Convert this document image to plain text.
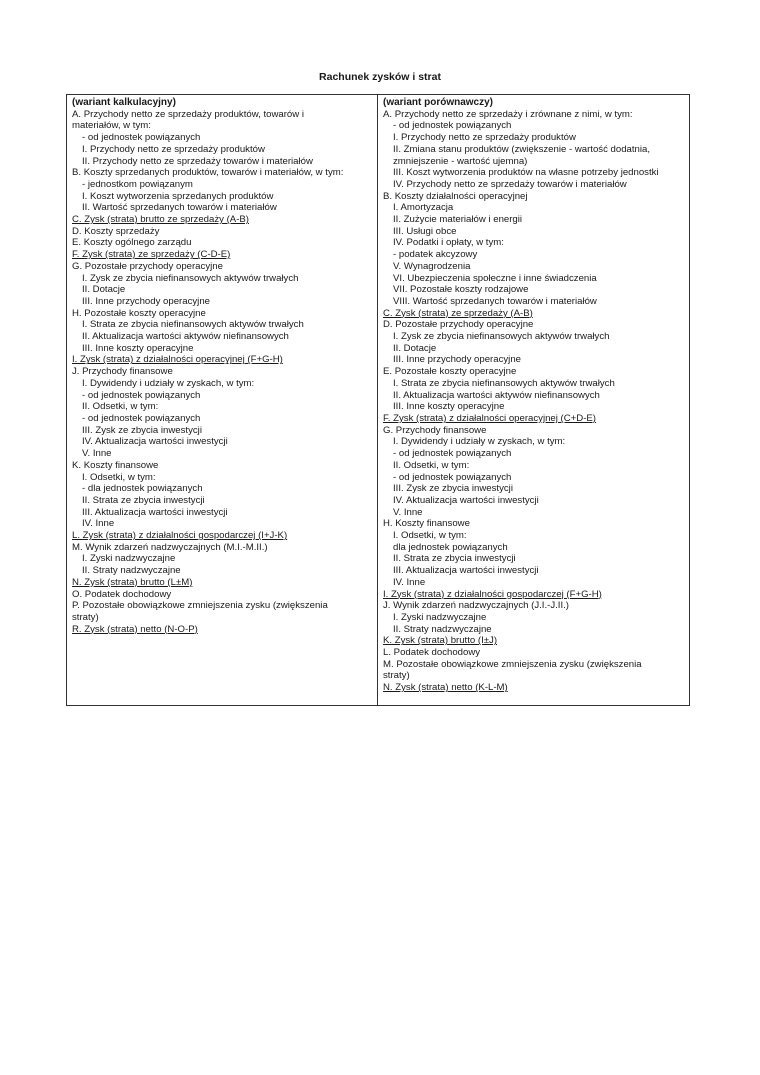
Rachunek zysków i strat
(wariant kalkulacyjny)
A. Przychody netto ze sprzedaży produktów, towarów i
materiałów, w tym:
- od jednostek powiązanych
I. Przychody netto ze sprzedaży produktów
II. Przychody netto ze sprzedaży towarów i materiałów
B. Koszty sprzedanych produktów, towarów i materiałów, w tym:
- jednostkom powiązanym
I. Koszt wytworzenia sprzedanych produktów
II. Wartość sprzedanych towarów i materiałów
C. Zysk (strata) brutto ze sprzedaży (A-B)
D. Koszty sprzedaży
E. Koszty ogólnego zarządu
F. Zysk (strata) ze sprzedaży (C-D-E)
G. Pozostałe przychody operacyjne
I. Zysk ze zbycia niefinansowych aktywów trwałych
II. Dotacje
III. Inne przychody operacyjne
H. Pozostałe koszty operacyjne
I. Strata ze zbycia niefinansowych aktywów trwałych
II. Aktualizacja wartości aktywów niefinansowych
III. Inne koszty operacyjne
I. Zysk (strata) z działalności operacyjnej (F+G-H)
J. Przychody finansowe
I. Dywidendy i udziały w zyskach, w tym:
- od jednostek powiązanych
II. Odsetki, w tym:
- od jednostek powiązanych
III. Zysk ze zbycia inwestycji
IV. Aktualizacja wartości inwestycji
V. Inne
K. Koszty finansowe
I. Odsetki, w tym:
- dla jednostek powiązanych
II. Strata ze zbycia inwestycji
III. Aktualizacja wartości inwestycji
IV. Inne
L. Zysk (strata) z działalności gospodarczej (I+J-K)
M. Wynik zdarzeń nadzwyczajnych (M.I.-M.II.)
I. Zyski nadzwyczajne
II. Straty nadzwyczajne
N. Zysk (strata) brutto (L±M)
O. Podatek dochodowy
P. Pozostałe obowiązkowe zmniejszenia zysku (zwiększenia
straty)
R. Zysk (strata) netto (N-O-P)
(wariant porównawczy)
A. Przychody netto ze sprzedaży i zrównane z nimi, w tym:
- od jednostek powiązanych
I. Przychody netto ze sprzedaży produktów
II. Zmiana stanu produktów (zwiększenie - wartość dodatnia,
zmniejszenie - wartość ujemna)
III. Koszt wytworzenia produktów na własne potrzeby jednostki
IV. Przychody netto ze sprzedaży towarów i materiałów
B. Koszty działalności operacyjnej
I. Amortyzacja
II. Zużycie materiałów i energii
III. Usługi obce
IV. Podatki i opłaty, w tym:
- podatek akcyzowy
V. Wynagrodzenia
VI. Ubezpieczenia społeczne i inne świadczenia
VII. Pozostałe koszty rodzajowe
VIII. Wartość sprzedanych towarów i materiałów
C. Zysk (strata) ze sprzedaży (A-B)
D. Pozostałe przychody operacyjne
I. Zysk ze zbycia niefinansowych aktywów trwałych
II. Dotacje
III. Inne przychody operacyjne
E. Pozostałe koszty operacyjne
I. Strata ze zbycia niefinansowych aktywów trwałych
II. Aktualizacja wartości aktywów niefinansowych
III. Inne koszty operacyjne
F. Zysk (strata) z działalności operacyjnej (C+D-E)
G. Przychody finansowe
I. Dywidendy i udziały w zyskach, w tym:
- od jednostek powiązanych
II. Odsetki, w tym:
- od jednostek powiązanych
III. Zysk ze zbycia inwestycji
IV. Aktualizacja wartości inwestycji
V. Inne
H. Koszty finansowe
I. Odsetki, w tym:
dla jednostek powiązanych
II. Strata ze zbycia inwestycji
III. Aktualizacja wartości inwestycji
IV. Inne
I. Zysk (strata) z działalności gospodarczej (F+G-H)
J. Wynik zdarzeń nadzwyczajnych (J.I.-J.II.)
I. Zyski nadzwyczajne
II. Straty nadzwyczajne
K. Zysk (strata) brutto (I±J)
L. Podatek dochodowy
M. Pozostałe obowiązkowe zmniejszenia zysku (zwiększenia
straty)
N. Zysk (strata) netto (K-L-M)
